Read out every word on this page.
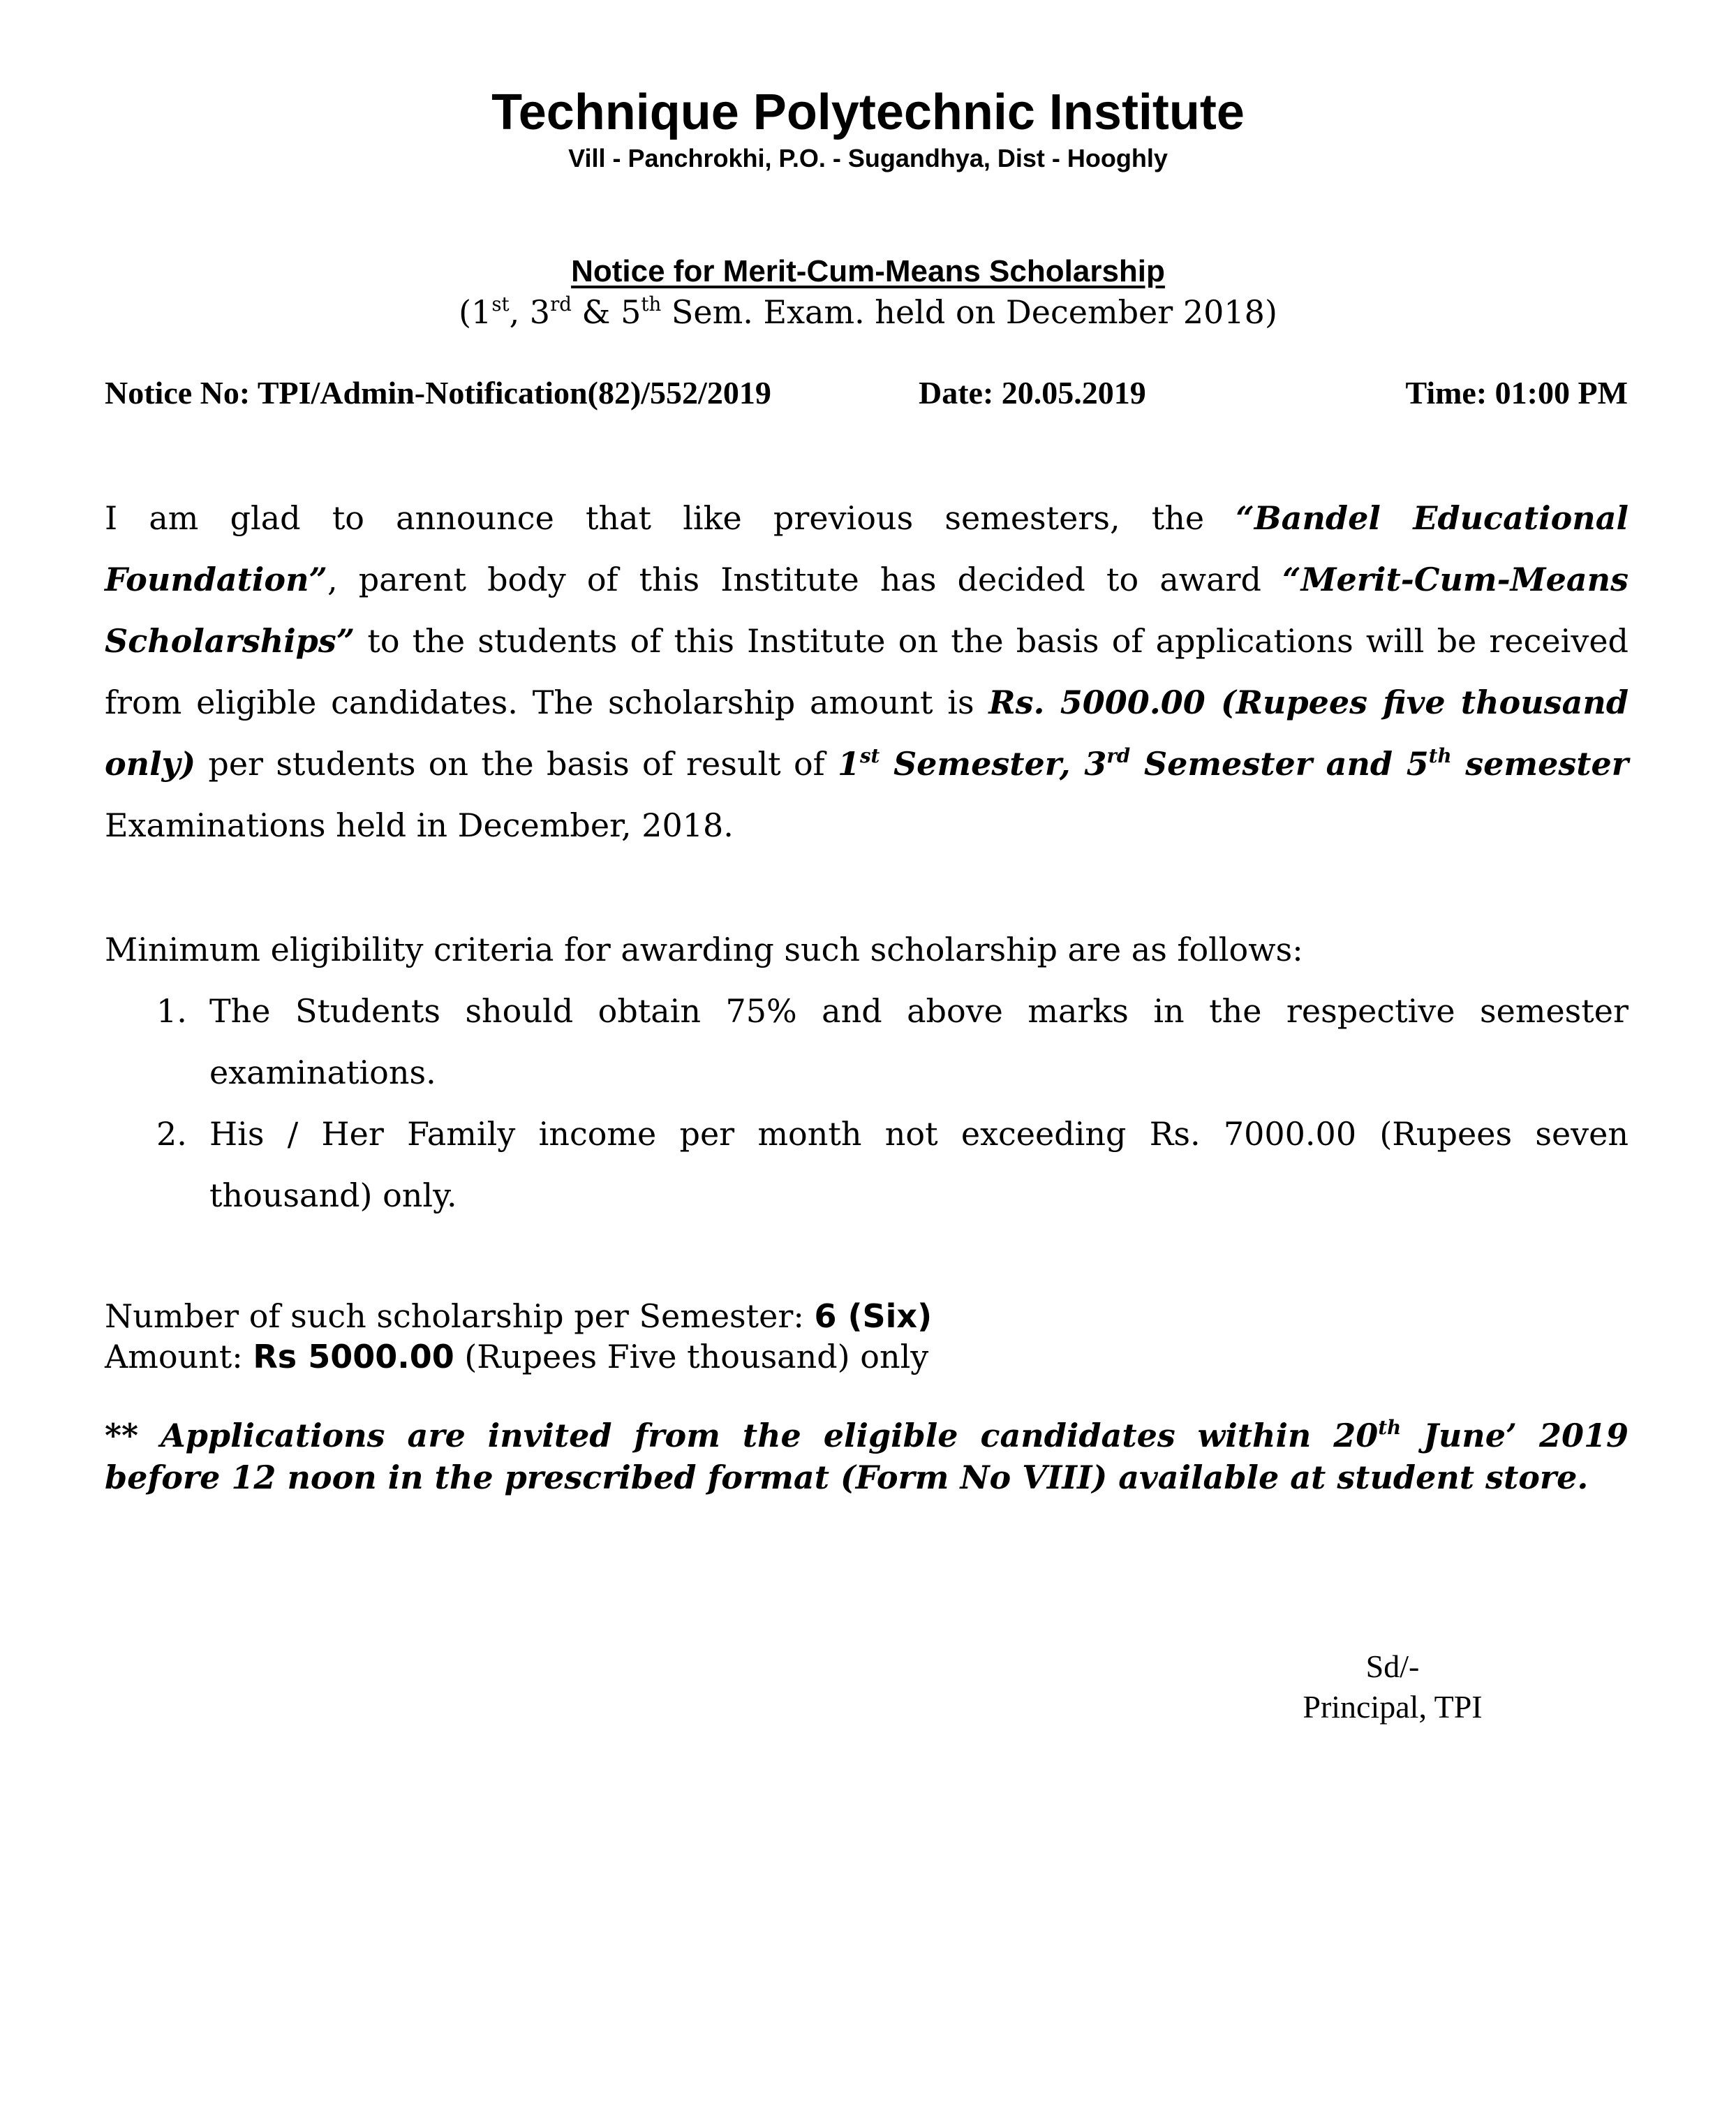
Technique Polytechnic Institute
Vill - Panchrokhi, P.O. - Sugandhya, Dist - Hooghly
Notice for Merit-Cum-Means Scholarship
(1st, 3rd & 5th Sem. Exam. held on December 2018)
Notice No: TPI/Admin-Notification(82)/552/2019	Date: 20.05.2019	Time: 01:00 PM

I am glad to announce that like previous semesters, the “Bandel Educational Foundation”, parent body of this Institute has decided to award “Merit-Cum-Means Scholarships” to the students of this Institute on the basis of applications will be received from eligible candidates. The scholarship amount is Rs. 5000.00 (Rupees five thousand only) per students on the basis of result of 1st Semester, 3rd Semester and 5th semester Examinations held in December, 2018.

Minimum eligibility criteria for awarding such scholarship are as follows:

1. The Students should obtain 75% and above marks in the respective semester examinations.
2. His / Her Family income per month not exceeding Rs. 7000.00 (Rupees seven thousand) only.

Number of such scholarship per Semester: 6 (Six)
Amount: Rs 5000.00 (Rupees Five thousand) only

** Applications are invited from the eligible candidates within 20th June’ 2019 before 12 noon in the prescribed format (Form No VIII) available at student store.

Sd/-
Principal, TPI
